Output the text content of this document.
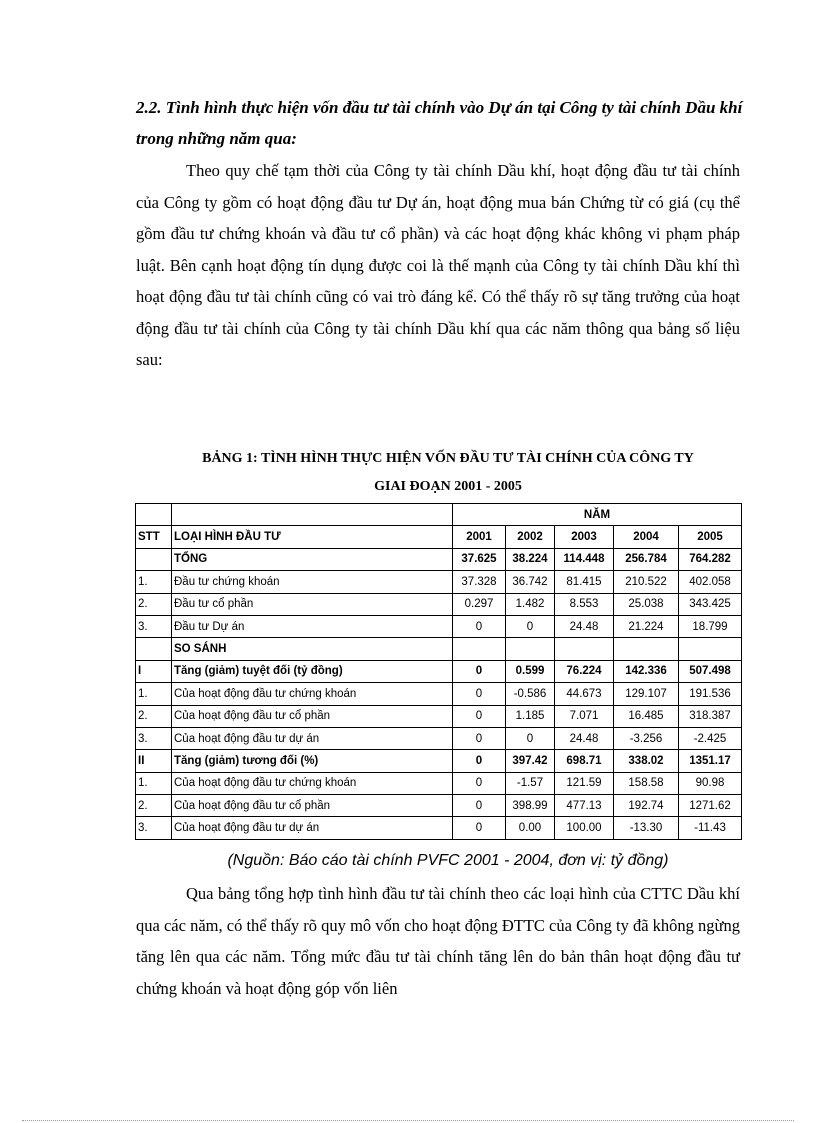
2.2. Tình hình thực hiện vốn đầu tư tài chính vào Dự án tại Công ty tài chính Dầu khí trong những năm qua:
Theo quy chế tạm thời của Công ty tài chính Dầu khí, hoạt động đầu tư tài chính của Công ty gồm có hoạt động đầu tư Dự án, hoạt động mua bán Chứng từ có giá (cụ thể gồm đầu tư chứng khoán và đầu tư cổ phần) và các hoạt động khác không vi phạm pháp luật. Bên cạnh hoạt động tín dụng được coi là thế mạnh của Công ty tài chính Dầu khí thì hoạt động đầu tư tài chính cũng có vai trò đáng kể. Có thể thấy rõ sự tăng trưởng của hoạt động đầu tư tài chính của Công ty tài chính Dầu khí qua các năm thông qua bảng số liệu sau:
BẢNG 1: TÌNH HÌNH THỰC HIỆN VỐN ĐẦU TƯ TÀI CHÍNH CỦA CÔNG TY
GIAI ĐOẠN 2001 - 2005
		NĂM				
STT	LOẠI HÌNH ĐẦU TƯ	2001	2002	2003	2004	2005
	TỔNG	37.625	38.224	114.448	256.784	764.282
1.	Đầu tư chứng khoán	37.328	36.742	81.415	210.522	402.058
2.	Đầu tư cổ phần	0.297	1.482	8.553	25.038	343.425
3.	Đầu tư Dự án	0	0	24.48	21.224	18.799
	SO SÁNH					
I	Tăng (giảm) tuyệt đối (tỷ đồng)	0	0.599	76.224	142.336	507.498
1.	Của hoạt động đầu tư chứng khoán	0	-0.586	44.673	129.107	191.536
2.	Của hoạt động đầu tư cổ phần	0	1.185	7.071	16.485	318.387
3.	Của hoạt động đầu tư dự án	0	0	24.48	-3.256	-2.425
II	Tăng (giảm) tương đối (%)	0	397.42	698.71	338.02	1351.17
1.	Của hoạt động đầu tư chứng khoán	0	-1.57	121.59	158.58	90.98
2.	Của hoạt động đầu tư cổ phần	0	398.99	477.13	192.74	1271.62
3.	Của hoạt động đầu tư dự án	0	0.00	100.00	-13.30	-11.43
(Nguồn: Báo cáo tài chính PVFC 2001 - 2004, đơn vị: tỷ đồng)
Qua bảng tổng hợp tình hình đầu tư tài chính theo các loại hình của CTTC Dầu khí qua các năm, có thể thấy rõ quy mô vốn cho hoạt động ĐTTC của Công ty đã không ngừng tăng lên qua các năm. Tổng mức đầu tư tài chính tăng lên do bản thân hoạt động đầu tư chứng khoán và hoạt động góp vốn liên
